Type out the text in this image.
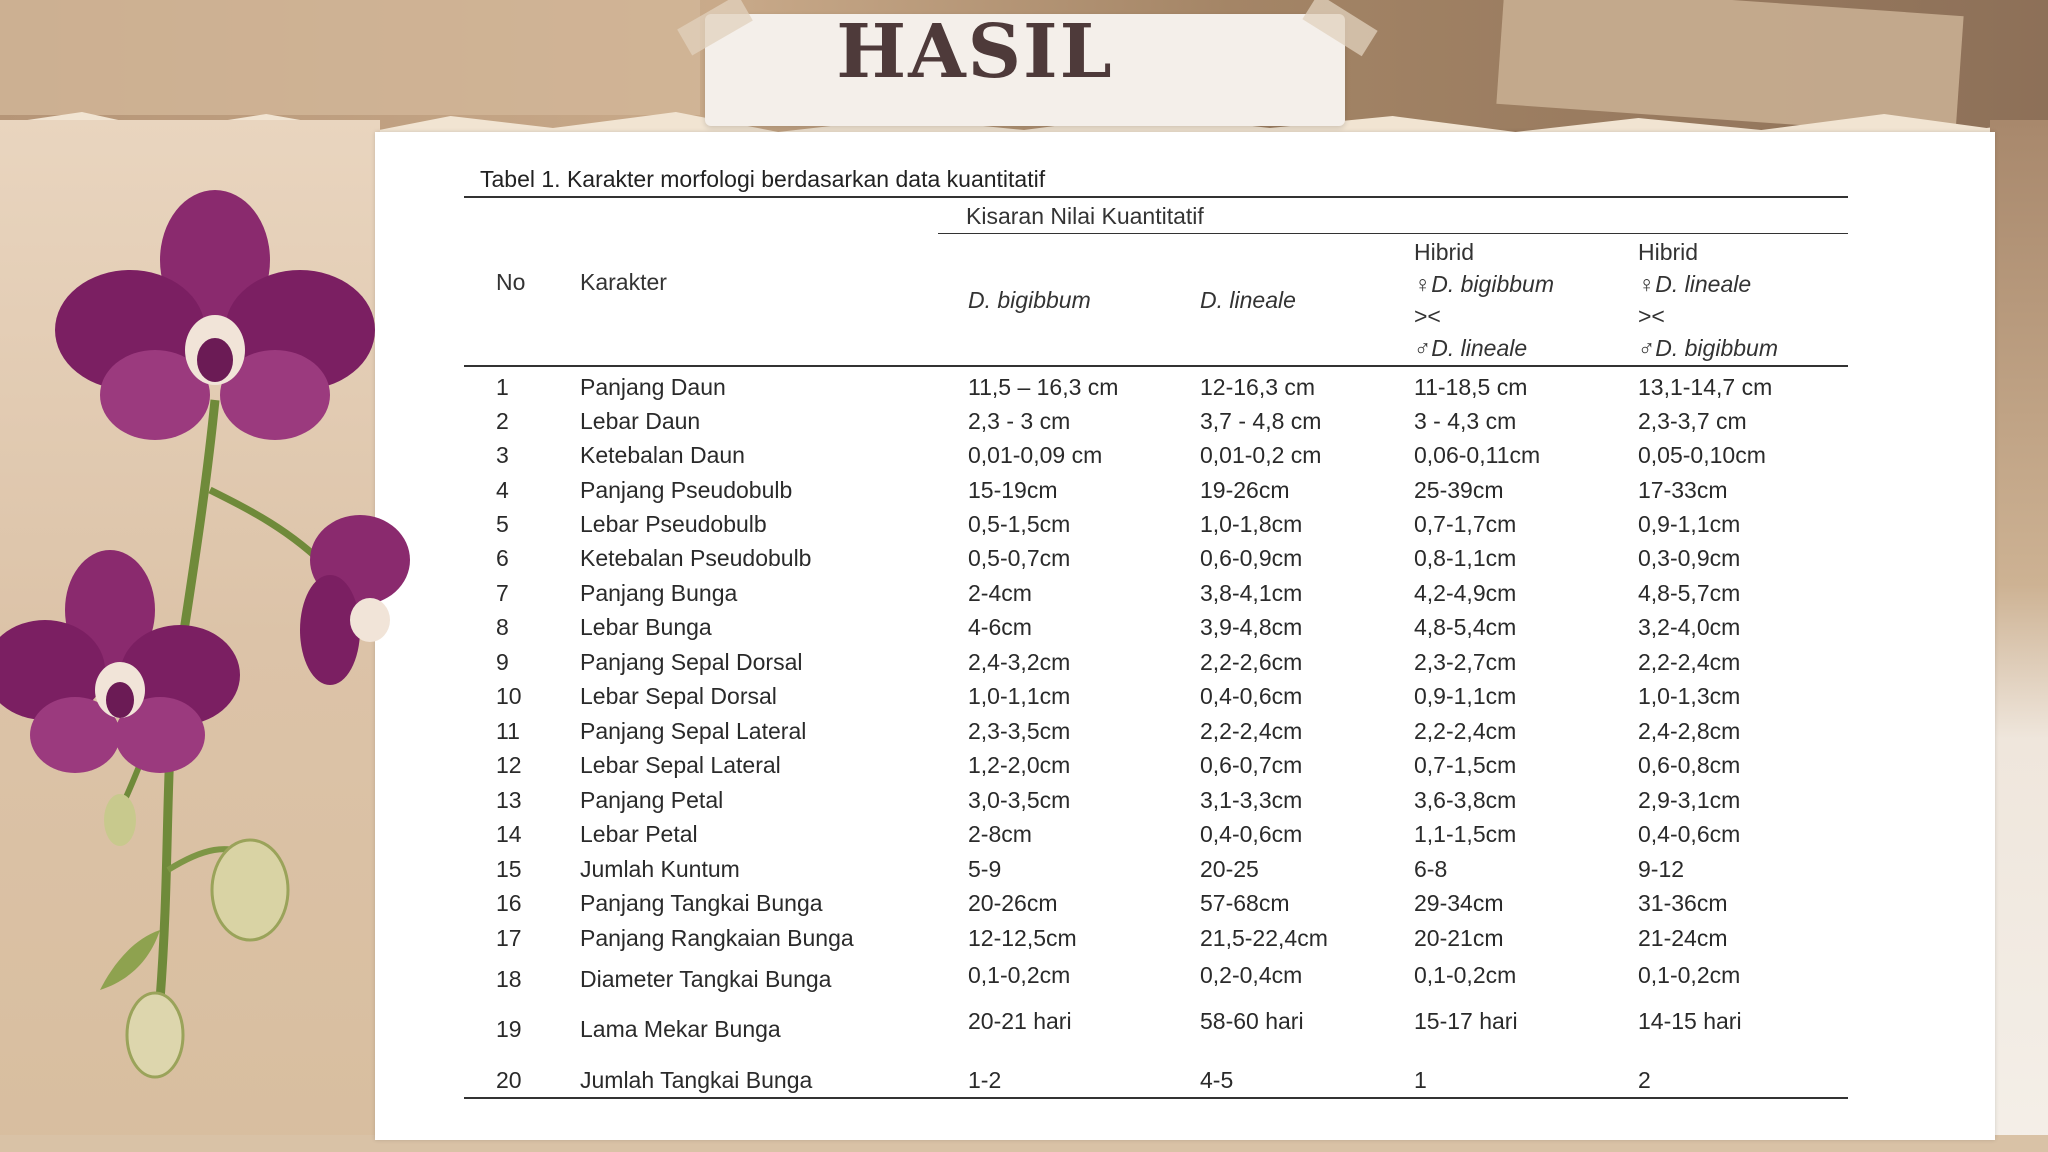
HASIL
Tabel 1. Karakter morfologi berdasarkan data kuantitatif
Kisaran Nilai Kuantitatif
No Karakter
D. bigibbum	D. lineale
Hibrid
♀D. bigibbum
><
♂D. lineale
Hibrid
♀D. lineale
><
♂D. bigibbum
1	Panjang Daun	11,5 – 16,3 cm	12-16,3 cm	11-18,5 cm	13,1-14,7 cm
2	Lebar Daun	2,3 - 3 cm	3,7 - 4,8 cm	3 - 4,3 cm	2,3-3,7 cm
3	Ketebalan Daun	0,01-0,09 cm	0,01-0,2 cm	0,06-0,11cm	0,05-0,10cm
4	Panjang Pseudobulb	15-19cm	19-26cm	25-39cm	17-33cm
5	Lebar Pseudobulb	0,5-1,5cm	1,0-1,8cm	0,7-1,7cm	0,9-1,1cm
6	Ketebalan Pseudobulb	0,5-0,7cm	0,6-0,9cm	0,8-1,1cm	0,3-0,9cm
7	Panjang Bunga	2-4cm	3,8-4,1cm	4,2-4,9cm	4,8-5,7cm
8	Lebar Bunga	4-6cm	3,9-4,8cm	4,8-5,4cm	3,2-4,0cm
9	Panjang Sepal Dorsal	2,4-3,2cm	2,2-2,6cm	2,3-2,7cm	2,2-2,4cm
10	Lebar Sepal Dorsal	1,0-1,1cm	0,4-0,6cm	0,9-1,1cm	1,0-1,3cm
11	Panjang Sepal Lateral	2,3-3,5cm	2,2-2,4cm	2,2-2,4cm	2,4-2,8cm
12	Lebar Sepal Lateral	1,2-2,0cm	0,6-0,7cm	0,7-1,5cm	0,6-0,8cm
13	Panjang Petal	3,0-3,5cm	3,1-3,3cm	3,6-3,8cm	2,9-3,1cm
14	Lebar Petal	2-8cm	0,4-0,6cm	1,1-1,5cm	0,4-0,6cm
15	Jumlah Kuntum	5-9	20-25	6-8	9-12
16	Panjang Tangkai Bunga	20-26cm	57-68cm	29-34cm	31-36cm
17	Panjang Rangkaian Bunga	12-12,5cm	21,5-22,4cm	20-21cm	21-24cm
18	Diameter Tangkai Bunga	0,1-0,2cm	0,2-0,4cm	0,1-0,2cm	0,1-0,2cm
19	Lama Mekar Bunga	20-21 hari	58-60 hari	15-17 hari	14-15 hari
20	Jumlah Tangkai Bunga	1-2	4-5	1	2
